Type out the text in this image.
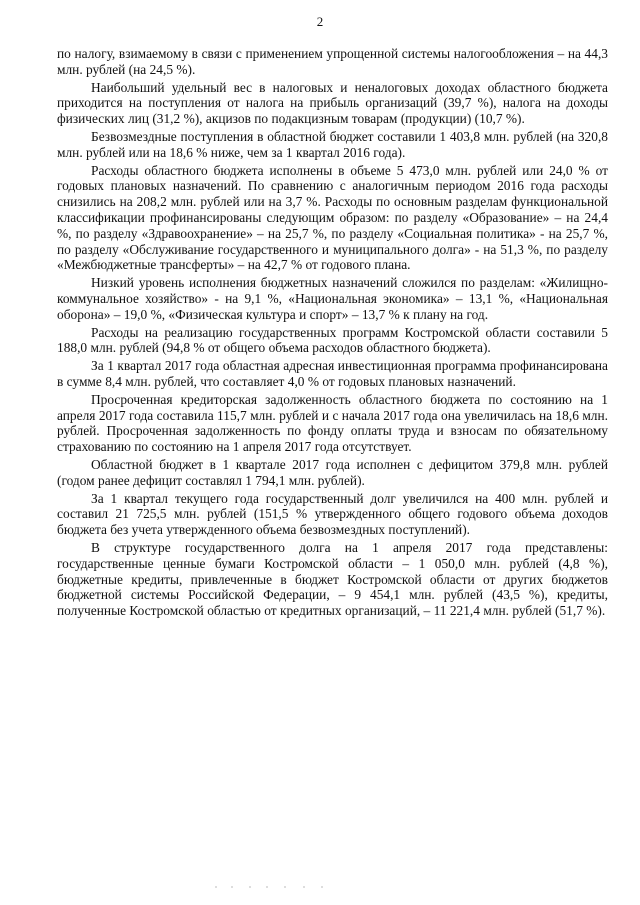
2

по налогу, взимаемому в связи с применением упрощенной системы налогообложения – на 44,3 млн. рублей (на 24,5 %).

Наибольший удельный вес в налоговых и неналоговых доходах областного бюджета приходится на поступления от налога на прибыль организаций (39,7 %), налога на доходы физических лиц (31,2 %), акцизов по подакцизным товарам (продукции) (10,7 %).

Безвозмездные поступления в областной бюджет составили 1 403,8 млн. рублей (на 320,8 млн. рублей или на 18,6 % ниже, чем за 1 квартал 2016 года).

Расходы областного бюджета исполнены в объеме 5 473,0 млн. рублей или 24,0 % от годовых плановых назначений. По сравнению с аналогичным периодом 2016 года расходы снизились на 208,2 млн. рублей или на 3,7 %. Расходы по основным разделам функциональной классификации профинансированы следующим образом: по разделу «Образование» – на 24,4 %, по разделу «Здравоохранение» – на 25,7 %, по разделу «Социальная политика» - на 25,7 %, по разделу «Обслуживание государственного и муниципального долга» - на 51,3 %, по разделу «Межбюджетные трансферты» – на 42,7 % от годового плана.

Низкий уровень исполнения бюджетных назначений сложился по разделам: «Жилищно-коммунальное хозяйство» - на 9,1 %, «Национальная экономика» – 13,1 %, «Национальная оборона» – 19,0 %, «Физическая культура и спорт» – 13,7 % к плану на год.

Расходы на реализацию государственных программ Костромской области составили 5 188,0 млн. рублей (94,8 % от общего объема расходов областного бюджета).

За 1 квартал 2017 года областная адресная инвестиционная программа профинансирована в сумме 8,4 млн. рублей, что составляет 4,0 % от годовых плановых назначений.

Просроченная кредиторская задолженность областного бюджета по состоянию на 1 апреля 2017 года составила 115,7 млн. рублей и с начала 2017 года она увеличилась на 18,6 млн. рублей. Просроченная задолженность по фонду оплаты труда и взносам по обязательному страхованию по состоянию на 1 апреля 2017 года отсутствует.

Областной бюджет в 1 квартале 2017 года исполнен с дефицитом 379,8 млн. рублей (годом ранее дефицит составлял 1 794,1 млн. рублей).

За 1 квартал текущего года государственный долг увеличился на 400 млн. рублей и составил 21 725,5 млн. рублей (151,5 % утвержденного общего годового объема доходов бюджета без учета утвержденного объема безвозмездных поступлений).

В структуре государственного долга на 1 апреля 2017 года представлены: государственные ценные бумаги Костромской области – 1 050,0 млн. рублей (4,8 %), бюджетные кредиты, привлеченные в бюджет Костромской области от других бюджетов бюджетной системы Российской Федерации, – 9 454,1 млн. рублей (43,5 %), кредиты, полученные Костромской областью от кредитных организаций, – 11 221,4 млн. рублей (51,7 %).
